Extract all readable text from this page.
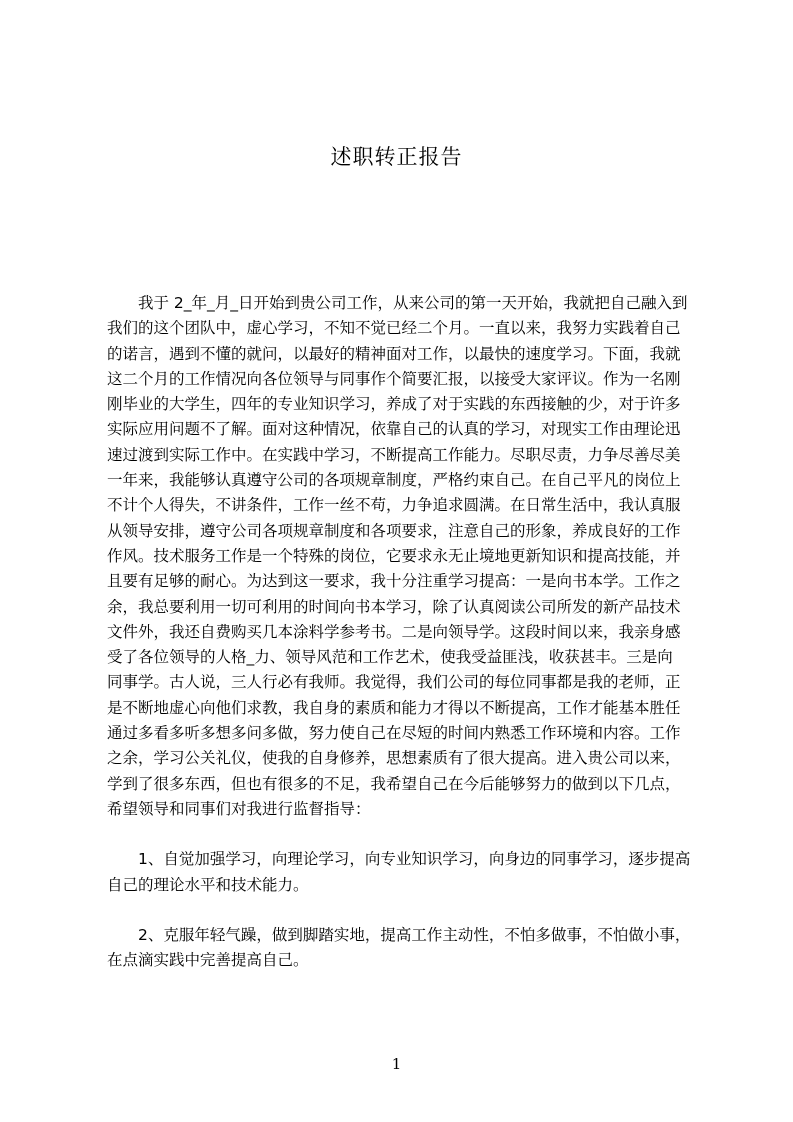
述职转正报告
　　我于 2_年_月_日开始到贵公司工作，从来公司的第一天开始，我就把自己融入到
我们的这个团队中，虚心学习，不知不觉已经二个月。一直以来，我努力实践着自己
的诺言，遇到不懂的就问，以最好的精神面对工作，以最快的速度学习。下面，我就
这二个月的工作情况向各位领导与同事作个简要汇报，以接受大家评议。作为一名刚
刚毕业的大学生，四年的专业知识学习，养成了对于实践的东西接触的少，对于许多
实际应用问题不了解。面对这种情况，依靠自己的认真的学习，对现实工作由理论迅
速过渡到实际工作中。在实践中学习，不断提高工作能力。尽职尽责，力争尽善尽美
一年来，我能够认真遵守公司的各项规章制度，严格约束自己。在自己平凡的岗位上
不计个人得失，不讲条件，工作一丝不苟，力争追求圆满。在日常生活中，我认真服
从领导安排，遵守公司各项规章制度和各项要求，注意自己的形象，养成良好的工作
作风。技术服务工作是一个特殊的岗位，它要求永无止境地更新知识和提高技能，并
且要有足够的耐心。为达到这一要求，我十分注重学习提高：一是向书本学。工作之
余，我总要利用一切可利用的时间向书本学习，除了认真阅读公司所发的新产品技术
文件外，我还自费购买几本涂料学参考书。二是向领导学。这段时间以来，我亲身感
受了各位领导的人格_力、领导风范和工作艺术，使我受益匪浅，收获甚丰。三是向
同事学。古人说，三人行必有我师。我觉得，我们公司的每位同事都是我的老师，正
是不断地虚心向他们求教，我自身的素质和能力才得以不断提高，工作才能基本胜任
通过多看多听多想多问多做，努力使自己在尽短的时间内熟悉工作环境和内容。工作
之余，学习公关礼仪，使我的自身修养，思想素质有了很大提高。进入贵公司以来，
学到了很多东西，但也有很多的不足，我希望自己在今后能够努力的做到以下几点，
希望领导和同事们对我进行监督指导：
　　1、自觉加强学习，向理论学习，向专业知识学习，向身边的同事学习，逐步提高
自己的理论水平和技术能力。
　　2、克服年轻气躁，做到脚踏实地，提高工作主动性，不怕多做事，不怕做小事，
在点滴实践中完善提高自己。
1
